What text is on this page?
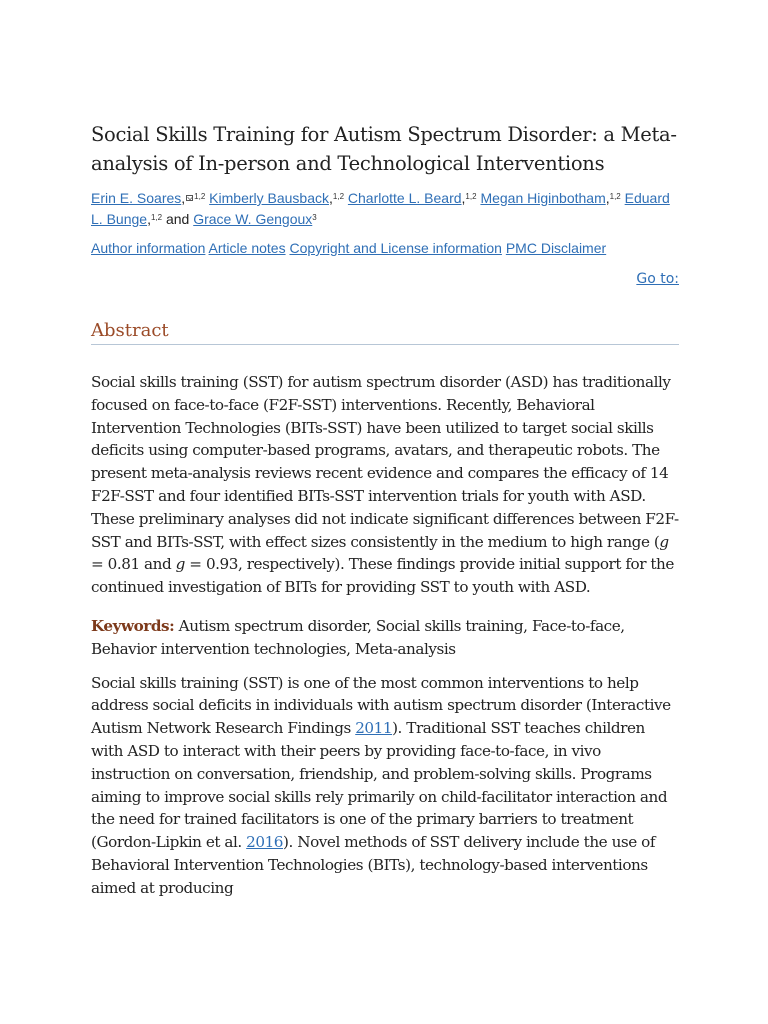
Social Skills Training for Autism Spectrum Disorder: a Meta-analysis of In-person and Technological Interventions
Erin E. Soares, $^{1,2}$ Kimberly Bausback,$^{1,2}$ Charlotte L. Beard,$^{1,2}$ Megan Higinbotham,$^{1,2}$ Eduard L. Bunge,$^{1,2}$ and Grace W. Gengoux$^3$
Author information Article notes Copyright and License information PMC Disclaimer
Go to:
Abstract

Social skills training (SST) for autism spectrum disorder (ASD) has traditionally focused on face-to-face (F2F-SST) interventions. Recently, Behavioral Intervention Technologies (BITs-SST) have been utilized to target social skills deficits using computer-based programs, avatars, and therapeutic robots. The present meta-analysis reviews recent evidence and compares the efficacy of 14 F2F-SST and four identified BITs-SST intervention trials for youth with ASD. These preliminary analyses did not indicate significant differences between F2F-SST and BITs-SST, with effect sizes consistently in the medium to high range (g = 0.81 and g = 0.93, respectively). These findings provide initial support for the continued investigation of BITs for providing SST to youth with ASD.

Keywords: Autism spectrum disorder, Social skills training, Face-to-face, Behavior intervention technologies, Meta-analysis

Social skills training (SST) is one of the most common interventions to help address social deficits in individuals with autism spectrum disorder (Interactive Autism Network Research Findings 2011). Traditional SST teaches children with ASD to interact with their peers by providing face-to-face, in vivo instruction on conversation, friendship, and problem-solving skills. Programs aiming to improve social skills rely primarily on child-facilitator interaction and the need for trained facilitators is one of the primary barriers to treatment (Gordon-Lipkin et al. 2016). Novel methods of SST delivery include the use of Behavioral Intervention Technologies (BITs), technology-based interventions aimed at producing
